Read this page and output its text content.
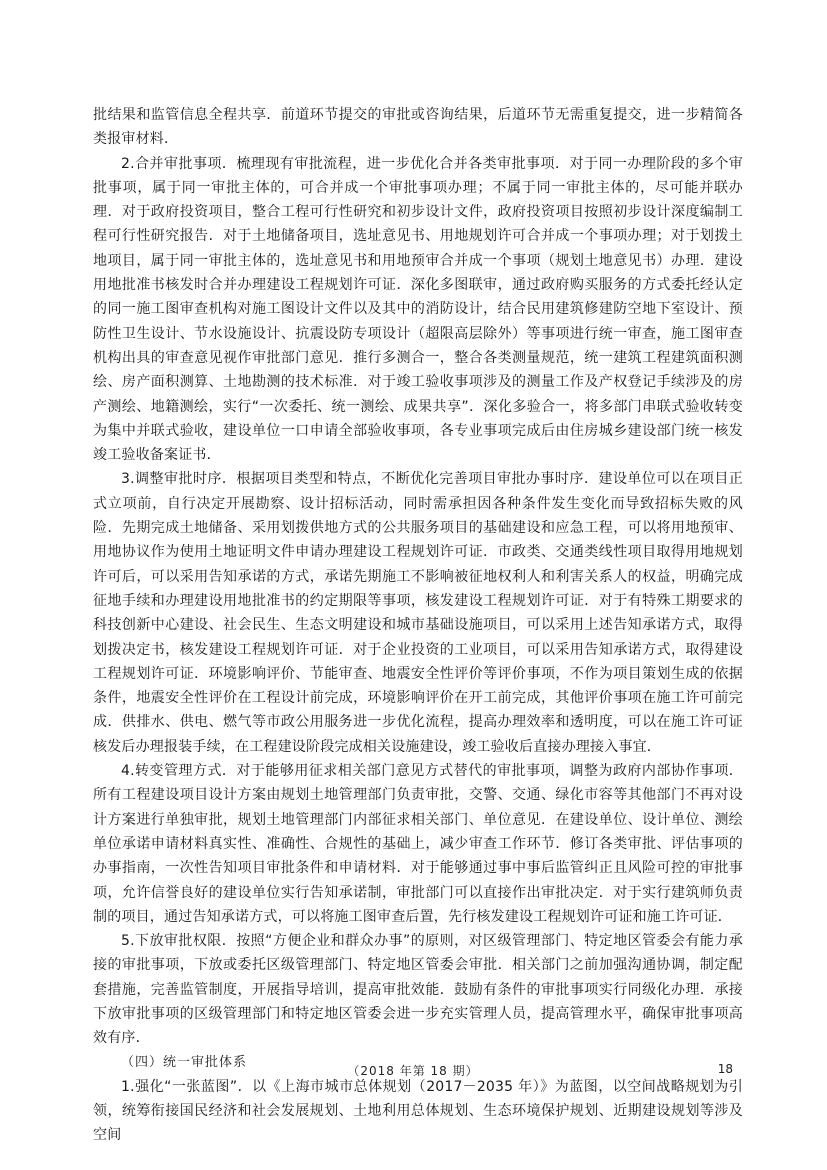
批结果和监管信息全程共享．前道环节提交的审批或咨询结果，后道环节无需重复提交，进一步精简各类报审材料．

2.合并审批事项．梳理现有审批流程，进一步优化合并各类审批事项．对于同一办理阶段的多个审批事项，属于同一审批主体的，可合并成一个审批事项办理；不属于同一审批主体的，尽可能并联办理．对于政府投资项目，整合工程可行性研究和初步设计文件，政府投资项目按照初步设计深度编制工程可行性研究报告．对于土地储备项目，选址意见书、用地规划许可合并成一个事项办理；对于划拨土地项目，属于同一审批主体的，选址意见书和用地预审合并成一个事项（规划土地意见书）办理．建设用地批准书核发时合并办理建设工程规划许可证．深化多图联审，通过政府购买服务的方式委托经认定的同一施工图审查机构对施工图设计文件以及其中的消防设计，结合民用建筑修建防空地下室设计、预防性卫生设计、节水设施设计、抗震设防专项设计（超限高层除外）等事项进行统一审查，施工图审查机构出具的审查意见视作审批部门意见．推行多测合一，整合各类测量规范，统一建筑工程建筑面积测绘、房产面积测算、土地勘测的技术标准．对于竣工验收事项涉及的测量工作及产权登记手续涉及的房产测绘、地籍测绘，实行“一次委托、统一测绘、成果共享”．深化多验合一，将多部门串联式验收转变为集中并联式验收，建设单位一口申请全部验收事项，各专业事项完成后由住房城乡建设部门统一核发竣工验收备案证书．

3.调整审批时序．根据项目类型和特点，不断优化完善项目审批办事时序．建设单位可以在项目正式立项前，自行决定开展勘察、设计招标活动，同时需承担因各种条件发生变化而导致招标失败的风险．先期完成土地储备、采用划拨供地方式的公共服务项目的基础建设和应急工程，可以将用地预审、用地协议作为使用土地证明文件申请办理建设工程规划许可证．市政类、交通类线性项目取得用地规划许可后，可以采用告知承诺的方式，承诺先期施工不影响被征地权利人和利害关系人的权益，明确完成征地手续和办理建设用地批准书的约定期限等事项，核发建设工程规划许可证．对于有特殊工期要求的科技创新中心建设、社会民生、生态文明建设和城市基础设施项目，可以采用上述告知承诺方式，取得划拨决定书，核发建设工程规划许可证．对于企业投资的工业项目，可以采用告知承诺方式，取得建设工程规划许可证．环境影响评价、节能审查、地震安全性评价等评价事项，不作为项目策划生成的依据条件，地震安全性评价在工程设计前完成，环境影响评价在开工前完成，其他评价事项在施工许可前完成．供排水、供电、燃气等市政公用服务进一步优化流程，提高办理效率和透明度，可以在施工许可证核发后办理报装手续，在工程建设阶段完成相关设施建设，竣工验收后直接办理接入事宜．

4.转变管理方式．对于能够用征求相关部门意见方式替代的审批事项，调整为政府内部协作事项．所有工程建设项目设计方案由规划土地管理部门负责审批，交警、交通、绿化市容等其他部门不再对设计方案进行单独审批，规划土地管理部门内部征求相关部门、单位意见．在建设单位、设计单位、测绘单位承诺申请材料真实性、准确性、合规性的基础上，减少审查工作环节．修订各类审批、评估事项的办事指南，一次性告知项目审批条件和申请材料．对于能够通过事中事后监管纠正且风险可控的审批事项，允许信誉良好的建设单位实行告知承诺制，审批部门可以直接作出审批决定．对于实行建筑师负责制的项目，通过告知承诺方式，可以将施工图审查后置，先行核发建设工程规划许可证和施工许可证．

5.下放审批权限．按照“方便企业和群众办事”的原则，对区级管理部门、特定地区管委会有能力承接的审批事项，下放或委托区级管理部门、特定地区管委会审批．相关部门之前加强沟通协调，制定配套措施，完善监管制度，开展指导培训，提高审批效能．鼓励有条件的审批事项实行同级化办理．承接下放审批事项的区级管理部门和特定地区管委会进一步充实管理人员，提高管理水平，确保审批事项高效有序．

（四）统一审批体系

1.强化“一张蓝图”．以《上海市城市总体规划（2017－2035 年）》为蓝图，以空间战略规划为引领，统筹衔接国民经济和社会发展规划、土地利用总体规划、生态环境保护规划、近期建设规划等涉及空间

（2018 年第 18 期）	18
